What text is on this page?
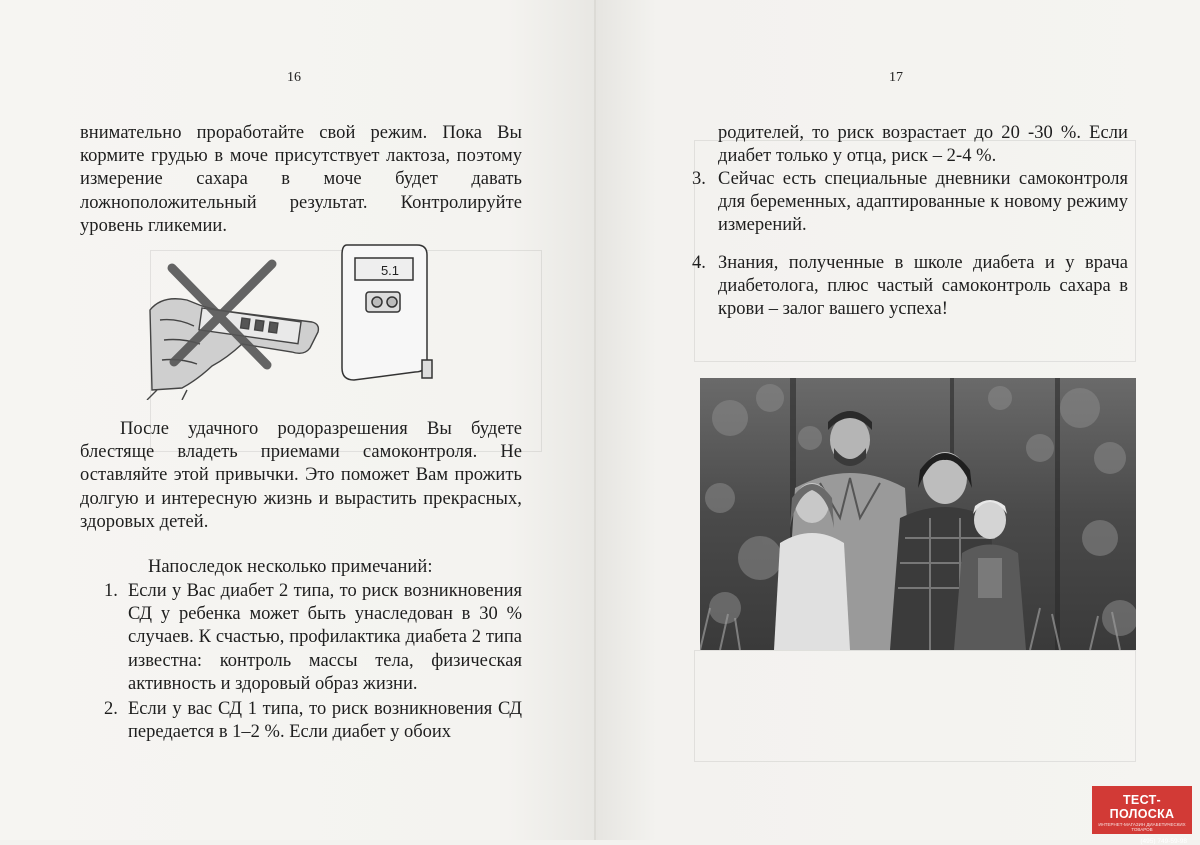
16

внимательно проработайте свой режим. Пока Вы кормите грудью в моче присутствует лактоза, поэтому измерение сахара в моче будет давать ложноположительный результат. Контролируйте уровень гликемии.

5.1

После удачного родоразрешения Вы будете блестяще владеть приемами самоконтроля. Не оставляйте этой привычки. Это поможет Вам прожить долгую и интересную жизнь и вырастить прекрасных, здоровых детей.

Напоследок несколько примечаний:
1. Если у Вас диабет 2 типа, то риск возникновения СД у ребенка может быть унаследован в 30 % случаев. К счастью, профилактика диабета 2 типа известна: контроль массы тела, физическая активность и здоровый образ жизни.
2. Если у вас СД 1 типа, то риск возникновения СД передается в 1–2 %. Если диабет у обоих
17

родителей, то риск возрастает до 20 -30 %. Если диабет только у отца, риск – 2-4 %.

3. Сейчас есть специальные дневники самоконтроля для беременных, адаптированные к новому режиму измерений.
4. Знания, полученные в школе диабета и у врача диабетолога, плюс частый самоконтроль сахара в крови – залог вашего успеха!
ТЕСТ-ПОЛОСКА
ИНТЕРНЕТ-МАГАЗИН ДИАБЕТИЧЕСКИХ ТОВАРОВ
(495) 749-59-98
